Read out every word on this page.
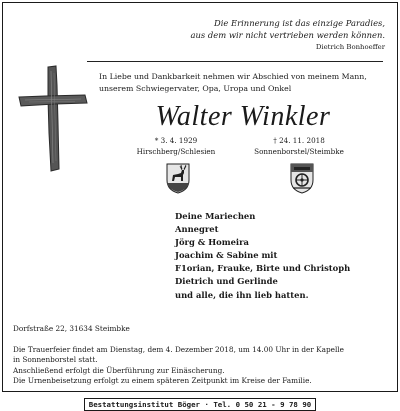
Die Erinnerung ist das einzige Paradies,
aus dem wir nicht vertrieben werden können.
Dietrich Bonhoeffer
In Liebe und Dankbarkeit nehmen wir Abschied von meinem Mann,
unserem Schwiegervater, Opa, Uropa und Onkel
Walter Winkler
* 3. 4. 1929
Hirschberg/Schlesien
† 24. 11. 2018
Sonnenborstel/Steimbke
Deine Mariechen
Annegret
Jörg & Homeira
Joachim & Sabine mit
F1orian, Frauke, Birte und Christoph
Dietrich und Gerlinde
und alle, die ihn lieb hatten.
Dorfstraße 22, 31634 Steimbke
Die Trauerfeier findet am Dienstag, dem 4. Dezember 2018, um 14.00 Uhr in der Kapelle
in Sonnenborstel statt.
Anschließend erfolgt die Überführung zur Einäscherung.
Die Urnenbeisetzung erfolgt zu einem späteren Zeitpunkt im Kreise der Familie.
Bestattungsinstitut Böger · Tel. 0 50 21 - 9 78 90
